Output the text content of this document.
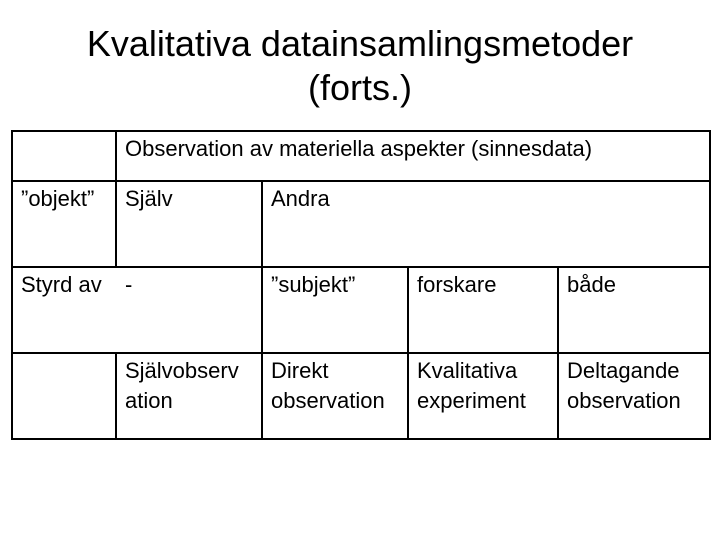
Kvalitativa datainsamlingsmetoder
(forts.)
	Observation av materiella aspekter (sinnesdata)			
”objekt”	Själv	Andra		
Styrd av	-	”subjekt”	forskare	både
	Självobserv ation	Direkt observation	Kvalitativa experiment	Deltagande observation
